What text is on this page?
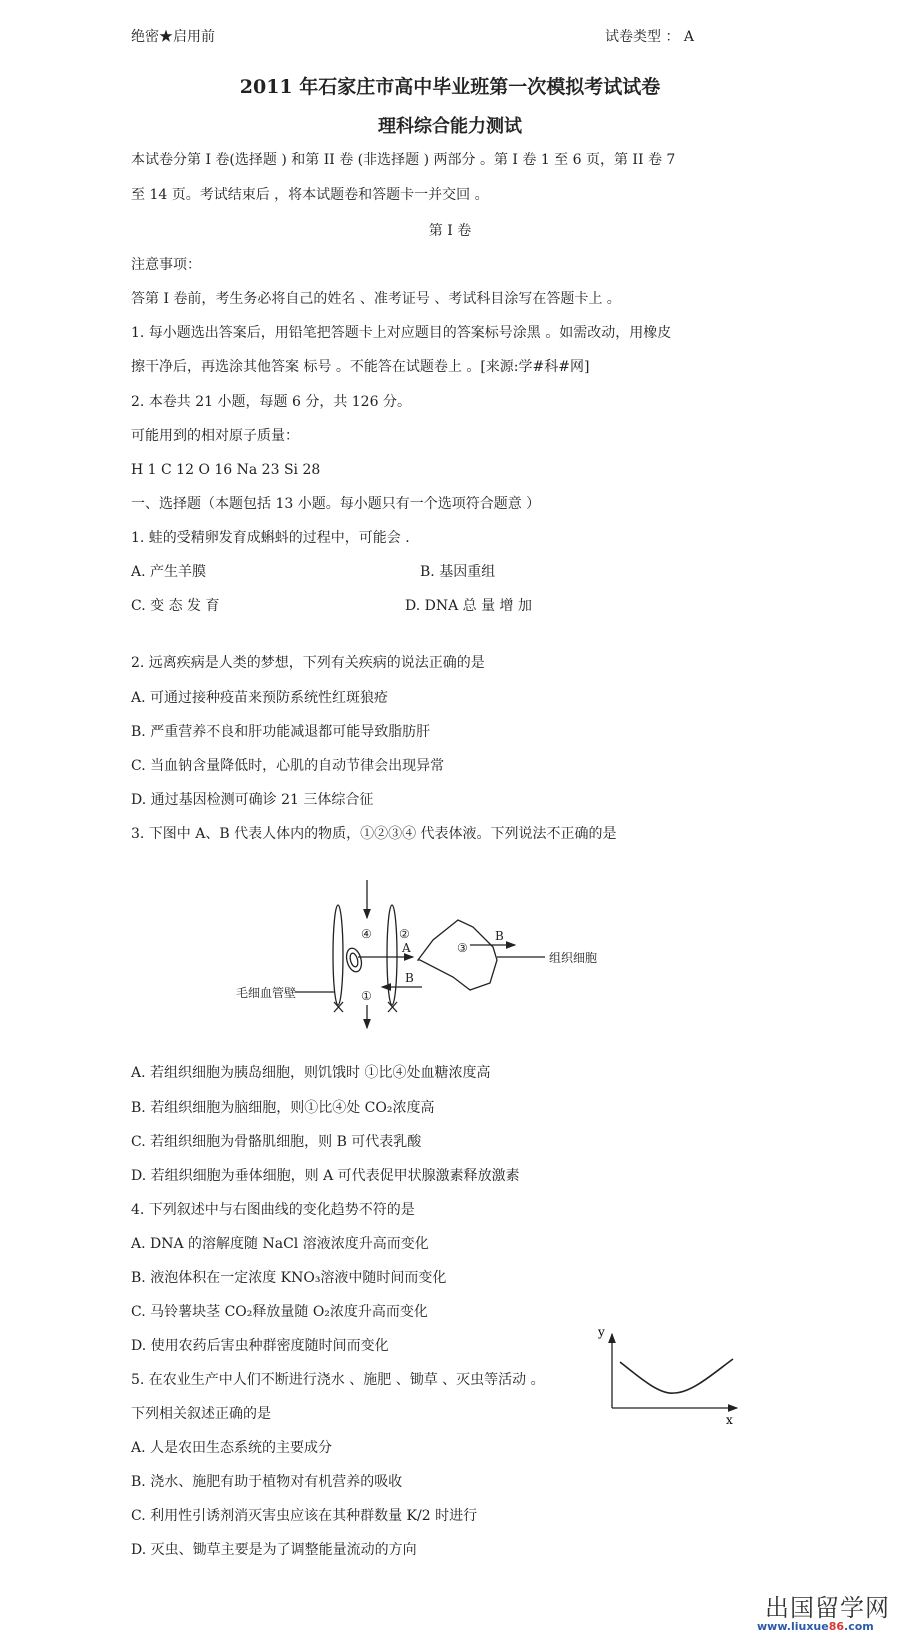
绝密★启用前	试卷类型 ： A
2011 年石家庄市高中毕业班第一次模拟考试试卷
理科综合能力测试
本试卷分第 I 卷(选择题 ) 和第 II 卷 (非选择题 ) 两部分 。第 I 卷 1 至 6 页，第 II 卷 7
至 14 页。考试结束后 ，将本试题卷和答题卡一并交回 。
第 I 卷
注意事项：
答第 I 卷前，考生务必将自己的姓名 、准考证号 、考试科目涂写在答题卡上 。
1. 每小题选出答案后，用铅笔把答题卡上对应题目的答案标号涂黑 。如需改动，用橡皮
擦干净后，再选涂其他答案 标号 。不能答在试题卷上 。[来源:学#科#网]
2. 本卷共 21 小题，每题 6 分，共 126 分。
可能用到的相对原子质量：
H 1 C 12 O 16 Na 23 Si 28
一、选择题（本题包括 13 小题。每小题只有一个选项符合题意 ）
1. 蛙的受精卵发育成蝌蚪的过程中，可能会 .
A. 产生羊膜	B. 基因重组
C. 变 态 发 育	D. DNA 总 量 增 加
2. 远离疾病是人类的梦想，下列有关疾病的说法正确的是
A. 可通过接种疫苗来预防系统性红斑狼疮
B. 严重营养不良和肝功能减退都可能导致脂肪肝
C. 当血钠含量降低时，心肌的自动节律会出现异常
D. 通过基因检测可确诊 21 三体综合征
3. 下图中 A、B 代表人体内的物质，①②③④ 代表体液。下列说法不正确的是
④ ②
③
①
A
B
B
组织细胞
毛细血管壁
A. 若组织细胞为胰岛细胞，则饥饿时 ①比④处血糖浓度高
B. 若组织细胞为脑细胞，则①比④处 CO₂浓度高
C. 若组织细胞为骨骼肌细胞，则 B 可代表乳酸
D. 若组织细胞为垂体细胞，则 A 可代表促甲状腺激素释放激素
4. 下列叙述中与右图曲线的变化趋势不符的是
A. DNA 的溶解度随 NaCl 溶液浓度升高而变化
B. 液泡体积在一定浓度 KNO₃溶液中随时间而变化
C. 马铃薯块茎 CO₂释放量随 O₂浓度升高而变化
D. 使用农药后害虫种群密度随时间而变化
y
x
5. 在农业生产中人们不断进行浇水 、施肥 、锄草 、灭虫等活动 。
下列相关叙述正确的是
A. 人是农田生态系统的主要成分
B. 浇水、施肥有助于植物对有机营养的吸收
C. 利用性引诱剂消灭害虫应该在其种群数量 K/2 时进行
D. 灭虫、锄草主要是为了调整能量流动的方向
出国留学网
www.liuxue86.com
